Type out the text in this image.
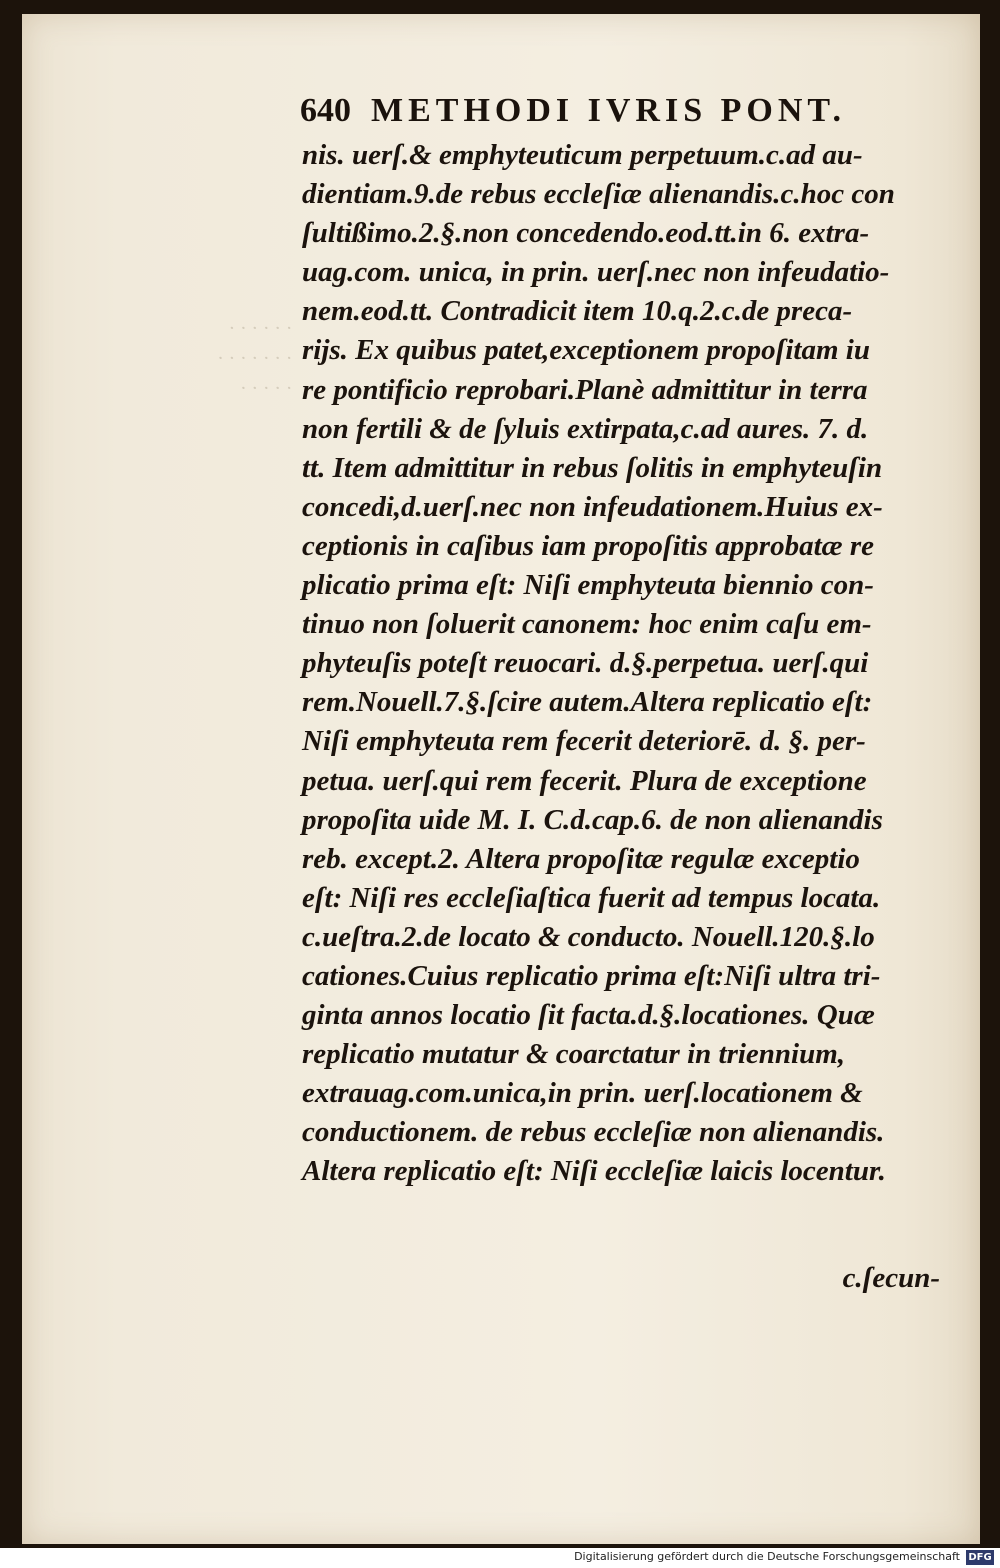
· · · · · ·
· · · · · · ·
· · · · ·
640 METHODI IVRIS PONT.
nis. uerſ.& emphyteuticum perpetuum.c.ad au-
dientiam.9.de rebus eccleſiæ alienandis.c.hoc con
ſultißimo.2.§.non concedendo.eod.tt.in 6. extra-
uag.com. unica, in prin. uerſ.nec non infeudatio-
nem.eod.tt. Contradicit item 10.q.2.c.de preca-
rijs. Ex quibus patet,exceptionem propoſitam iu
re pontificio reprobari.Planè admittitur in terra
non fertili & de ſyluis extirpata,c.ad aures. 7. d.
tt. Item admittitur in rebus ſolitis in emphyteuſin
concedi,d.uerſ.nec non infeudationem.Huius ex-
ceptionis in caſibus iam propoſitis approbatæ re
plicatio prima eſt: Niſi emphyteuta biennio con-
tinuo non ſoluerit canonem: hoc enim caſu em-
phyteuſis poteſt reuocari. d.§.perpetua. uerſ.qui
rem.Nouell.7.§.ſcire autem.Altera replicatio eſt:
Niſi emphyteuta rem fecerit deteriorē. d. §. per-
petua. uerſ.qui rem fecerit. Plura de exceptione
propoſita uide M. I. C.d.cap.6. de non alienandis
reb. except.2. Altera propoſitæ regulæ exceptio
eſt: Niſi res eccleſiaſtica fuerit ad tempus locata.
c.ueſtra.2.de locato & conducto. Nouell.120.§.lo
cationes.Cuius replicatio prima eſt:Niſi ultra tri-
ginta annos locatio ſit facta.d.§.locationes. Quæ
replicatio mutatur & coarctatur in triennium,
extrauag.com.unica,in prin. uerſ.locationem &
conductionem. de rebus eccleſiæ non alienandis.
Altera replicatio eſt: Niſi eccleſiæ laicis locentur.
c.ſecun-
Digitalisierung gefördert durch die Deutsche Forschungsgemeinschaft DFG
